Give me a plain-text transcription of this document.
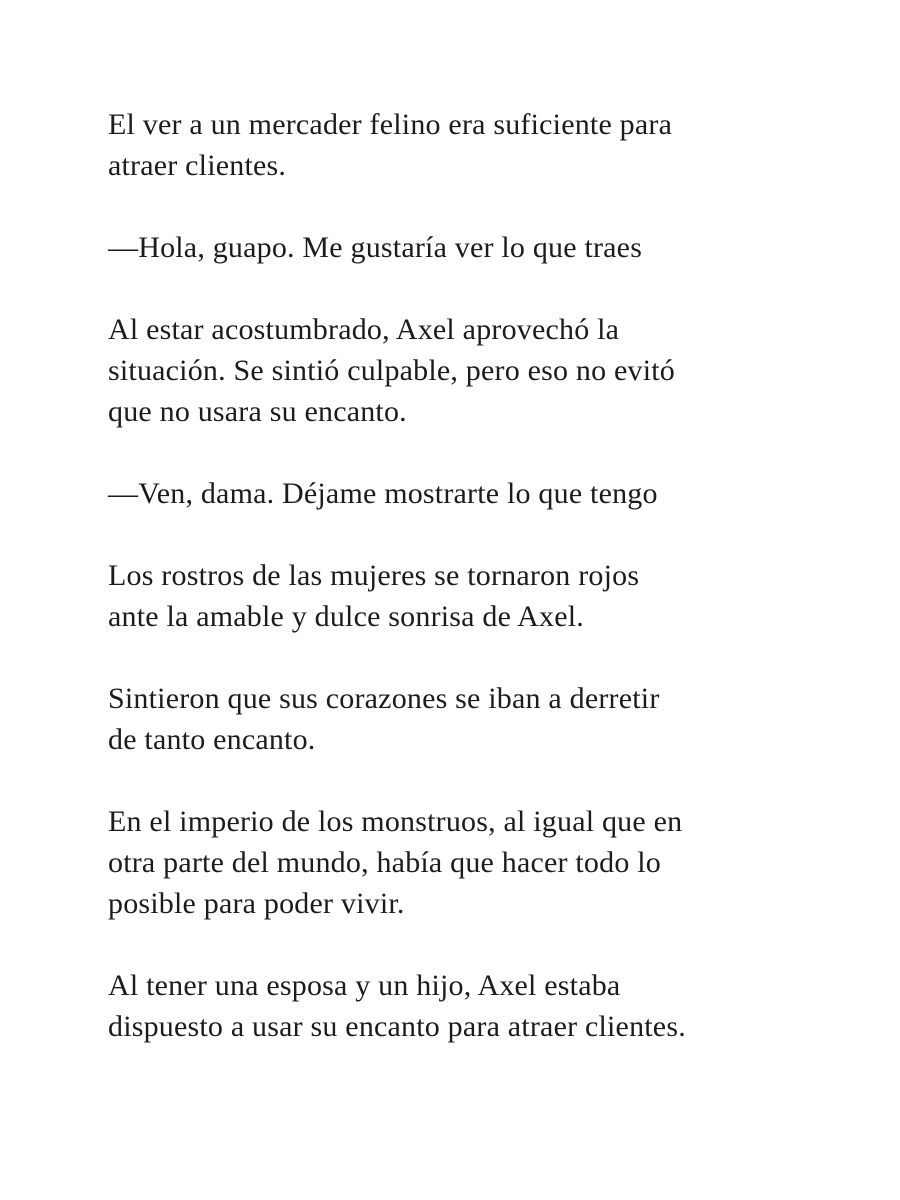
El ver a un mercader felino era suficiente para
atraer clientes.

—Hola, guapo. Me gustaría ver lo que traes

Al estar acostumbrado, Axel aprovechó la
situación. Se sintió culpable, pero eso no evitó
que no usara su encanto.

—Ven, dama. Déjame mostrarte lo que tengo

Los rostros de las mujeres se tornaron rojos
ante la amable y dulce sonrisa de Axel.

Sintieron que sus corazones se iban a derretir
de tanto encanto.

En el imperio de los monstruos, al igual que en
otra parte del mundo, había que hacer todo lo
posible para poder vivir.

Al tener una esposa y un hijo, Axel estaba
dispuesto a usar su encanto para atraer clientes.
